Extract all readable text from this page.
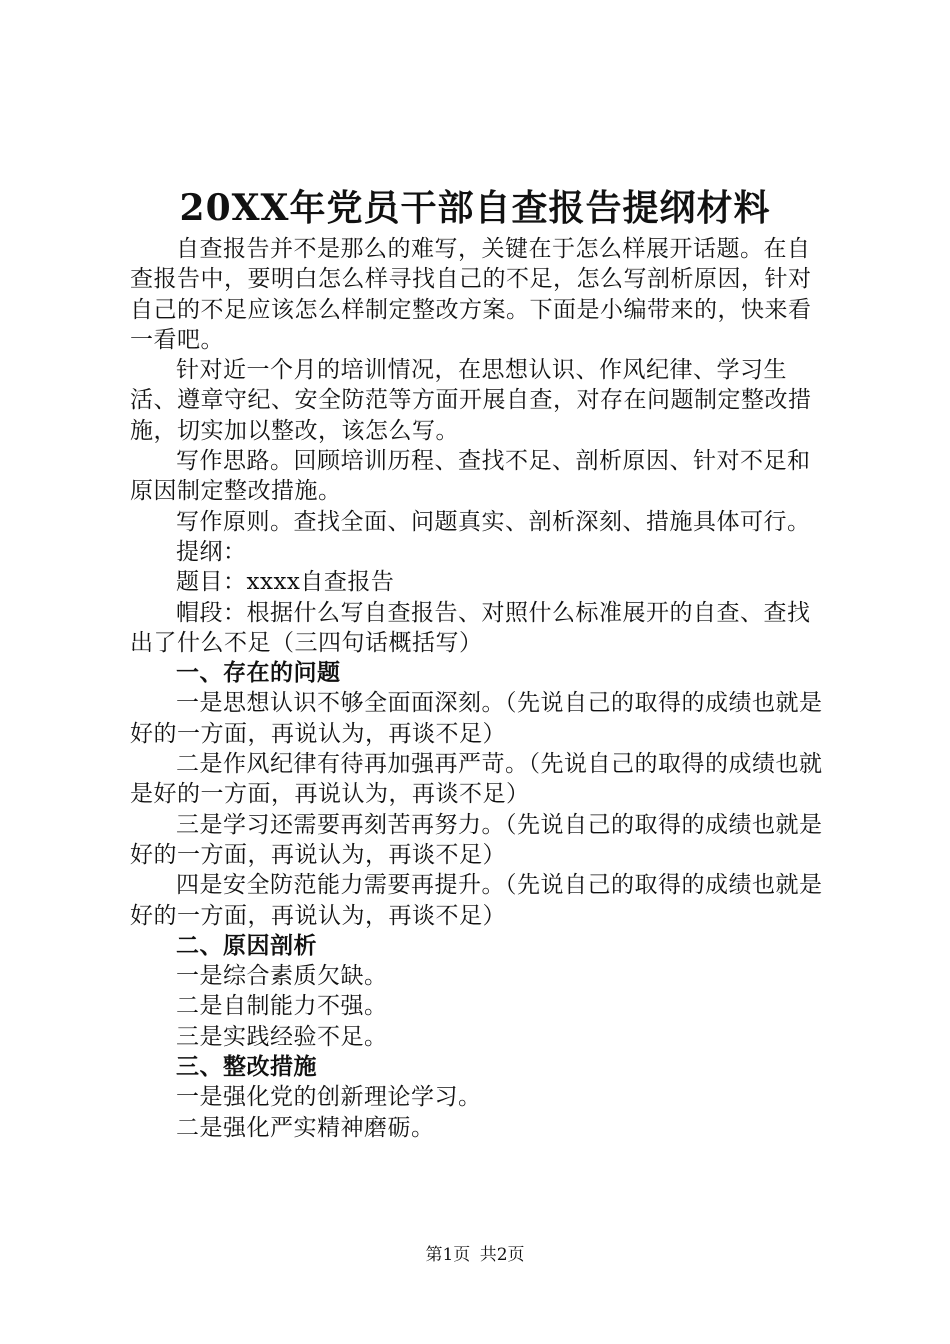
20XX年党员干部自查报告提纲材料

自查报告并不是那么的难写，关键在于怎么样展开话题。在自查报告中，要明白怎么样寻找自己的不足，怎么写剖析原因，针对自己的不足应该怎么样制定整改方案。下面是小编带来的，快来看一看吧。

针对近一个月的培训情况，在思想认识、作风纪律、学习生活、遵章守纪、安全防范等方面开展自查，对存在问题制定整改措施，切实加以整改，该怎么写。

写作思路。回顾培训历程、查找不足、剖析原因、针对不足和原因制定整改措施。

写作原则。查找全面、问题真实、剖析深刻、措施具体可行。

提纲：

题目：xxxx自查报告

帽段：根据什么写自查报告、对照什么标准展开的自查、查找出了什么不足（三四句话概括写）

一、存在的问题

一是思想认识不够全面面深刻。（先说自己的取得的成绩也就是好的一方面，再说认为，再谈不足）

二是作风纪律有待再加强再严苛。（先说自己的取得的成绩也就是好的一方面，再说认为，再谈不足）

三是学习还需要再刻苦再努力。（先说自己的取得的成绩也就是好的一方面，再说认为，再谈不足）

四是安全防范能力需要再提升。（先说自己的取得的成绩也就是好的一方面，再说认为，再谈不足）

二、原因剖析

一是综合素质欠缺。

二是自制能力不强。

三是实践经验不足。

三、整改措施

一是强化党的创新理论学习。

二是强化严实精神磨砺。

第1页 共2页
